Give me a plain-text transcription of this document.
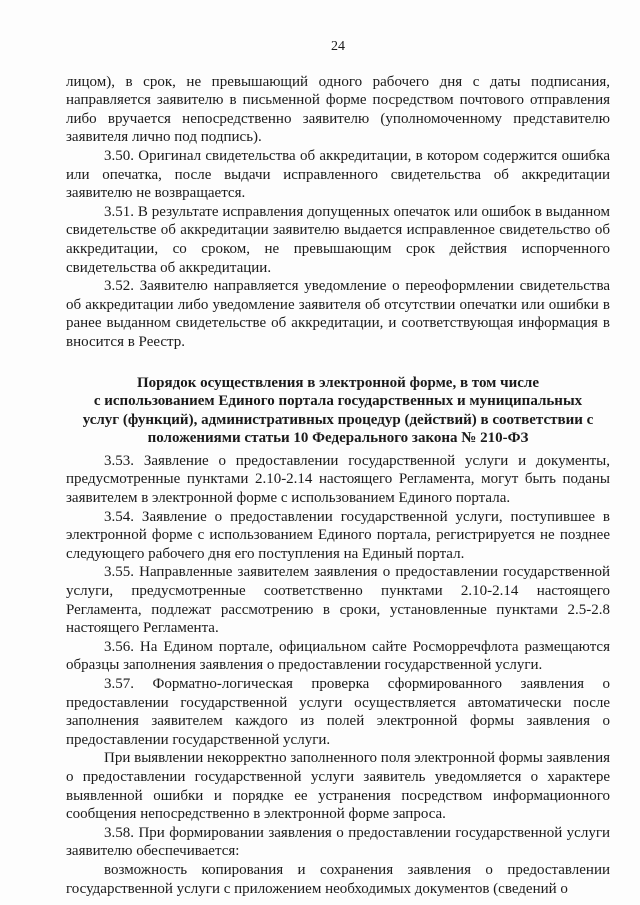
24

лицом), в срок, не превышающий одного рабочего дня с даты подписания, направляется заявителю в письменной форме посредством почтового отправления либо вручается непосредственно заявителю (уполномоченному представителю заявителя лично под подпись).

3.50. Оригинал свидетельства об аккредитации, в котором содержится ошибка или опечатка, после выдачи исправленного свидетельства об аккредитации заявителю не возвращается.

3.51. В результате исправления допущенных опечаток или ошибок в выданном свидетельстве об аккредитации заявителю выдается исправленное свидетельство об аккредитации, со сроком, не превышающим срок действия испорченного свидетельства об аккредитации.

3.52. Заявителю направляется уведомление о переоформлении свидетельства об аккредитации либо уведомление заявителя об отсутствии опечатки или ошибки в ранее выданном свидетельстве об аккредитации, и соответствующая информация в вносится в Реестр.

Порядок осуществления в электронной форме, в том числе
с использованием Единого портала государственных и муниципальных
услуг (функций), административных процедур (действий) в соответствии с
положениями статьи 10 Федерального закона № 210-ФЗ

3.53. Заявление о предоставлении государственной услуги и документы, предусмотренные пунктами 2.10-2.14 настоящего Регламента, могут быть поданы заявителем в электронной форме с использованием Единого портала.

3.54. Заявление о предоставлении государственной услуги, поступившее в электронной форме с использованием Единого портала, регистрируется не позднее следующего рабочего дня его поступления на Единый портал.

3.55. Направленные заявителем заявления о предоставлении государственной услуги, предусмотренные соответственно пунктами 2.10-2.14 настоящего Регламента, подлежат рассмотрению в сроки, установленные пунктами 2.5-2.8 настоящего Регламента.

3.56. На Едином портале, официальном сайте Росморречфлота размещаются образцы заполнения заявления о предоставлении государственной услуги.

3.57. Форматно-логическая проверка сформированного заявления о предоставлении государственной услуги осуществляется автоматически после заполнения заявителем каждого из полей электронной формы заявления о предоставлении государственной услуги.

При выявлении некорректно заполненного поля электронной формы заявления о предоставлении государственной услуги заявитель уведомляется о характере выявленной ошибки и порядке ее устранения посредством информационного сообщения непосредственно в электронной форме запроса.

3.58. При формировании заявления о предоставлении государственной услуги заявителю обеспечивается:

возможность копирования и сохранения заявления о предоставлении государственной услуги с приложением необходимых документов (сведений о
